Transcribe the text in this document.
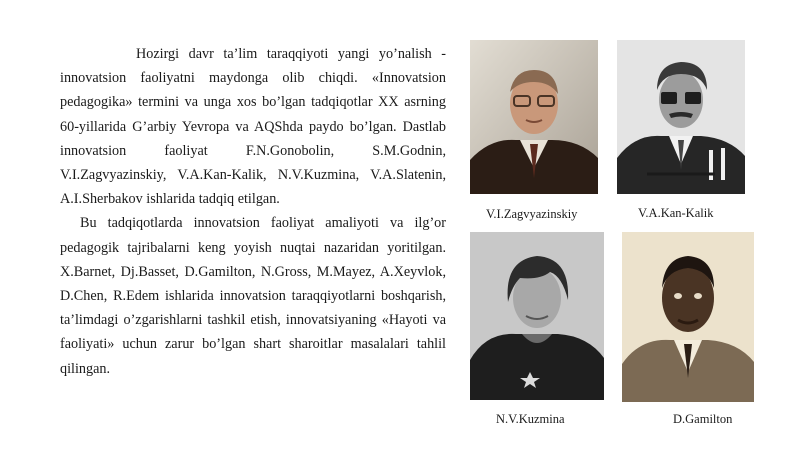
Hozirgi davr ta’lim taraqqiyoti yangi yo’nalish - innovatsion faoliyatni maydonga olib chiqdi. «Innovatsion pedagogika» termini va unga xos bo’lgan tadqiqotlar XX asrning 60-yillarida G’arbiy Yevropa va AQShda paydo bo’lgan. Dastlab innovatsion faoliyat F.N.Gonobolin, S.M.Godnin, V.I.Zagvyazinskiy, V.A.Kan-Kalik, N.V.Kuzmina, V.A.Slatenin, A.I.Sherbakov ishlarida tadqiq etilgan.

Bu tadqiqotlarda innovatsion faoliyat amaliyoti va ilg’or pedagogik tajribalarni keng yoyish nuqtai nazaridan yoritilgan. X.Barnet, Dj.Basset, D.Gamilton, N.Gross, M.Mayez, A.Xeyvlok, D.Chen, R.Edem ishlarida innovatsion taraqqiyotlarni boshqarish, ta’limdagi o’zgarishlarni tashkil etish, innovatsiyaning «Hayoti va faoliyati» uchun zarur bo’lgan shart sharoitlar masalalari tahlil qilingan.

V.I.Zagvyazinskiy	V.A.Kan-Kalik
N.V.Kuzmina	D.Gamilton
